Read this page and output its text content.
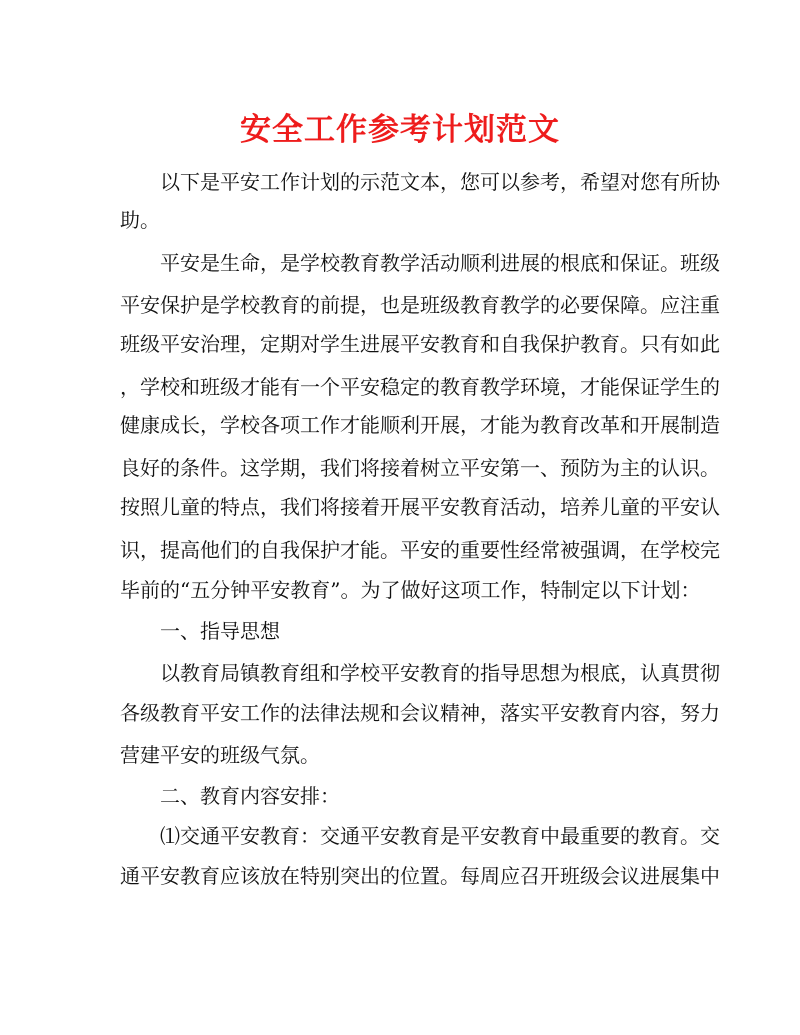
安全工作参考计划范文
以下是平安工作计划的示范文本，您可以参考，希望对您有所协
助。
平安是生命，是学校教育教学活动顺利进展的根底和保证。班级
平安保护是学校教育的前提，也是班级教育教学的必要保障。应注重
班级平安治理，定期对学生进展平安教育和自我保护教育。只有如此
，学校和班级才能有一个平安稳定的教育教学环境，才能保证学生的
健康成长，学校各项工作才能顺利开展，才能为教育改革和开展制造
良好的条件。这学期，我们将接着树立平安第一、预防为主的认识。
按照儿童的特点，我们将接着开展平安教育活动，培养儿童的平安认
识，提高他们的自我保护才能。平安的重要性经常被强调，在学校完
毕前的“五分钟平安教育”。为了做好这项工作，特制定以下计划：
一、指导思想
以教育局镇教育组和学校平安教育的指导思想为根底，认真贯彻
各级教育平安工作的法律法规和会议精神，落实平安教育内容，努力
营建平安的班级气氛。
二、教育内容安排：
⑴交通平安教育：交通平安教育是平安教育中最重要的教育。交
通平安教育应该放在特别突出的位置。每周应召开班级会议进展集中
